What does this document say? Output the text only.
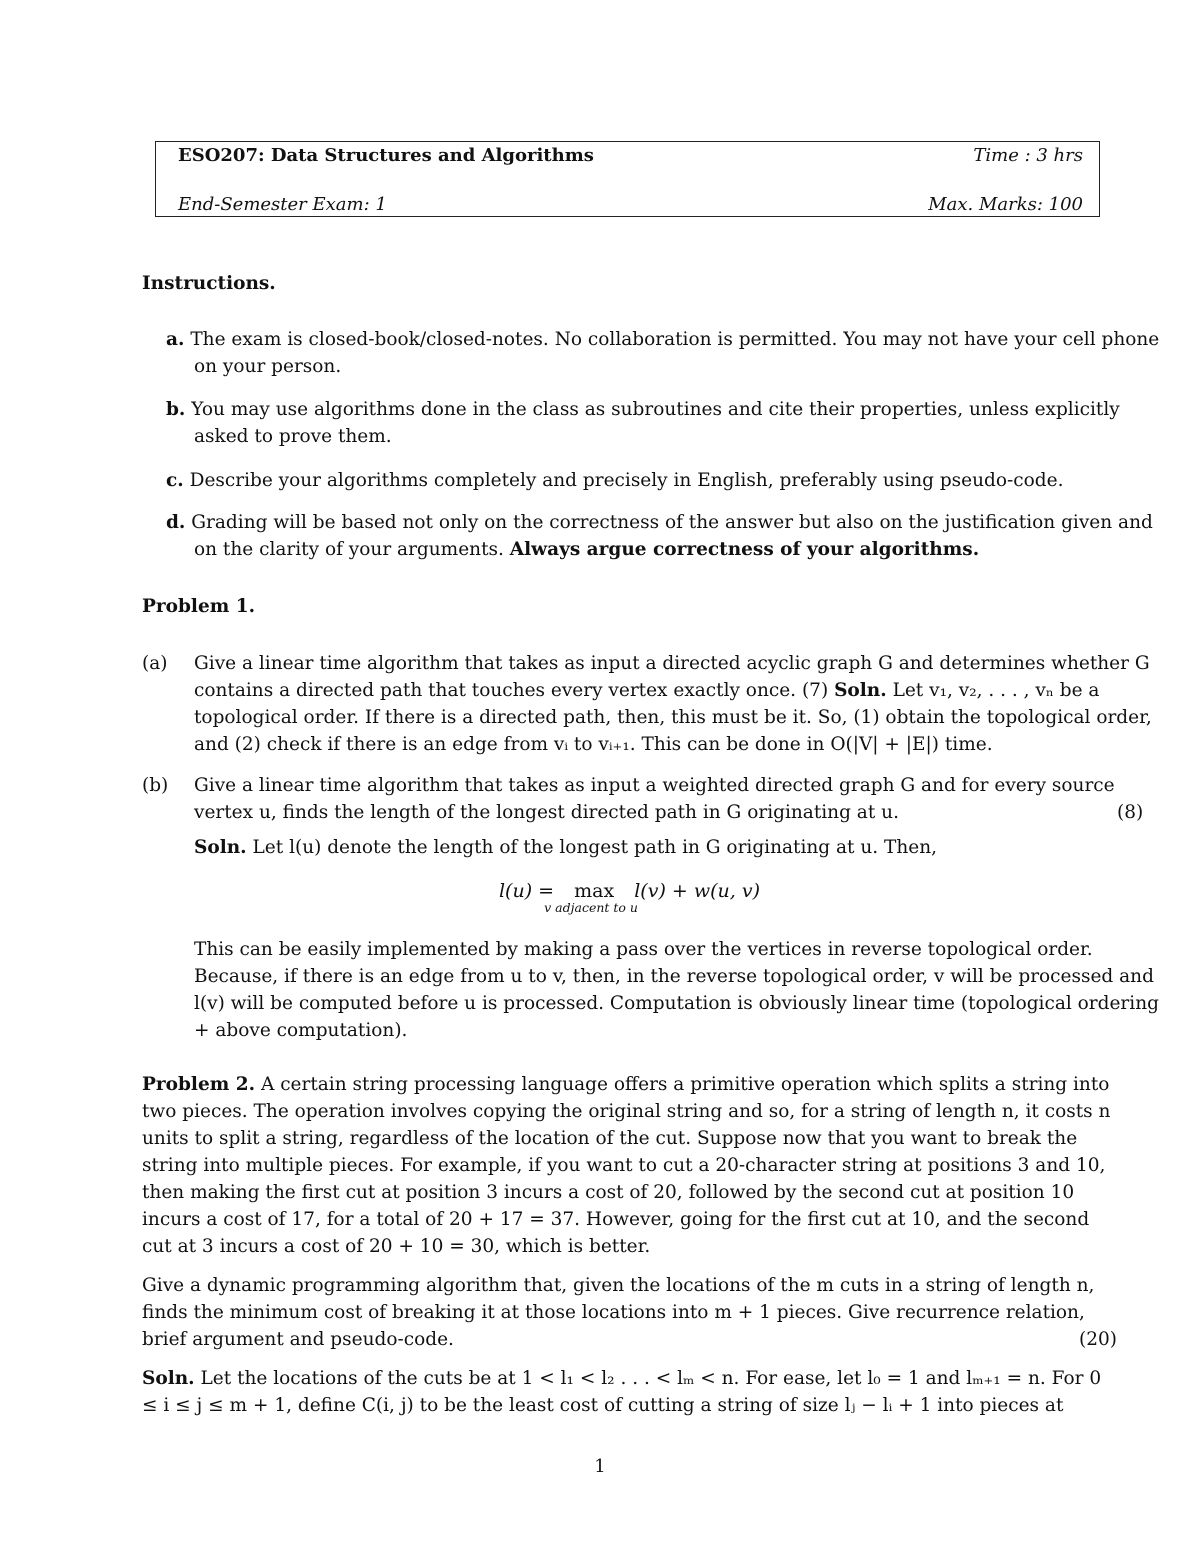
ESO207: Data Structures and Algorithms	Time : 3 hrs
End-Semester Exam: 1	Max. Marks: 100

Instructions.

a. The exam is closed-book/closed-notes. No collaboration is permitted. You may not have your cell phone on your person.

b. You may use algorithms done in the class as subroutines and cite their properties, unless explicitly asked to prove them.

c. Describe your algorithms completely and precisely in English, preferably using pseudo-code.

d. Grading will be based not only on the correctness of the answer but also on the justification given and on the clarity of your arguments. Always argue correctness of your algorithms.

Problem 1.

(a) Give a linear time algorithm that takes as input a directed acyclic graph G and determines whether G contains a directed path that touches every vertex exactly once. (7) Soln. Let v₁, v₂, . . . , vₙ be a topological order. If there is a directed path, then, this must be it. So, (1) obtain the topological order, and (2) check if there is an edge from vᵢ to vᵢ₊₁. This can be done in O(|V| + |E|) time.

(b) Give a linear time algorithm that takes as input a weighted directed graph G and for every source vertex u, finds the length of the longest directed path in G originating at u.	(8)

Soln. Let l(u) denote the length of the longest path in G originating at u. Then,

l(u) = max
v adjacent to u
l(v) + w(u, v)

This can be easily implemented by making a pass over the vertices in reverse topological order. Because, if there is an edge from u to v, then, in the reverse topological order, v will be processed and l(v) will be computed before u is processed. Computation is obviously linear time (topological ordering + above computation).

Problem 2. A certain string processing language offers a primitive operation which splits a string into two pieces. The operation involves copying the original string and so, for a string of length n, it costs n units to split a string, regardless of the location of the cut. Suppose now that you want to break the string into multiple pieces. For example, if you want to cut a 20-character string at positions 3 and 10, then making the first cut at position 3 incurs a cost of 20, followed by the second cut at position 10 incurs a cost of 17, for a total of 20 + 17 = 37. However, going for the first cut at 10, and the second cut at 3 incurs a cost of 20 + 10 = 30, which is better.

Give a dynamic programming algorithm that, given the locations of the m cuts in a string of length n, finds the minimum cost of breaking it at those locations into m + 1 pieces. Give recurrence relation, brief argument and pseudo-code.	(20)

Soln. Let the locations of the cuts be at 1 < l₁ < l₂ . . . < lₘ < n. For ease, let l₀ = 1 and lₘ₊₁ = n. For 0 ≤ i ≤ j ≤ m + 1, define C(i, j) to be the least cost of cutting a string of size lⱼ − lᵢ + 1 into pieces at

1
